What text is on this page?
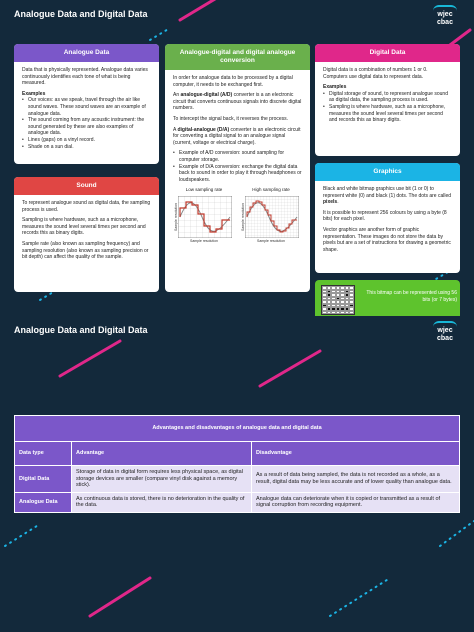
Analogue Data and Digital Data	wjec
cbac
Analogue Data

Data that is physically represented. Analogue data varies continuously identifies each tone of what is being measured.

Examples

• Our voices: as we speak, travel through the air like sound waves. These sound waves are an example of analogue data.
• The sound coming from any acoustic instrument: the sound generated by these are also examples of analogue data.
• Lines (gaps) on a vinyl record.
• Shade on a sun dial.
Sound

To represent analogue sound as digital data, the sampling process is used.

Sampling is where hardware, such as a microphone, measures the sound level several times per second and records this as binary digits.

Sample rate (also known as sampling frequency) and sampling resolution (also known as sampling precision or bit depth) can affect the quality of the sample.

Analogue-digital and digital analogue conversion

In order for analogue data to be processed by a digital computer, it needs to be exchanged first.

An analogue-digital (A/D) converter is a an electronic circuit that converts continuous signals into discrete digital numbers.

To intercept the signal back, it reverses the process.

A digital-analogue (D/A) converter is an electronic circuit for converting a digital signal to an analogue signal (current, voltage or electrical charge).

• Example of A/D conversion: sound sampling for computer storage.
• Example of D/A conversion: exchange the digital data back to sound in order to play it through headphones or loudspeakers.
Low sampling rate
Sample resolution
Sample resolution
High sampling rate
Sample resolution
Sample resolution
Digital Data

Digital data is a combination of numbers 1 or 0. Computers use digital data to represent data.

Examples

• Digital storage of sound, to represent analogue sound as digital data, the sampling process is used.
• Sampling is where hardware, such as a microphone, measures the sound level several times per second and records this as binary digits.
Graphics

Black and white bitmap graphics use bit (1 or 0) to represent white (0) and black (1) dots. The dots are called pixels.

It is possible to represent 256 colours by using a byte (8 bits) for each pixel.

Vector graphics are another form of graphic representation. These images do not store the data by pixels but are a set of instructions for drawing a geometric shape.

This bitmap can be represented using 56 bits (or 7 bytes)
Analogue Data and Digital Data	wjec
cbac
Advantages and disadvantages of analogue data and digital data		
Data type	Advantage	Disadvantage
Digital Data	Storage of data in digital form requires less physical space, as digital storage devices are smaller (compare vinyl disk against a memory stick).	As a result of data being sampled, the data is not recorded as a whole, as a result, digital data may be less accurate and of lower quality than analogue data.
Analogue Data	As continuous data is stored, there is no deterioration in the quality of the data.	Analogue data can deteriorate when it is copied or transmitted as a result of signal corruption from recording equipment.
